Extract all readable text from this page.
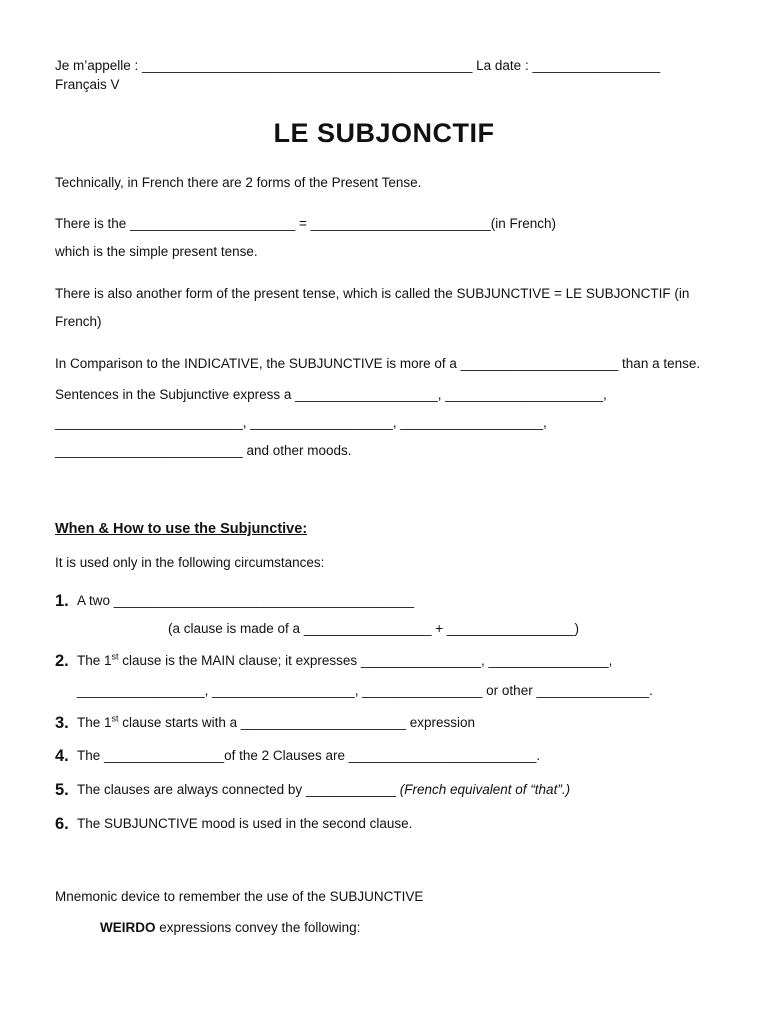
Je m’appelle : ____________________________________________ La date : _________________
Français V
LE SUBJONCTIF
Technically, in French there are 2 forms of the Present Tense.
There is the ______________________ = ________________________(in French)
which is the simple present tense.
There is also another form of the present tense, which is called the SUBJUNCTIVE = LE SUBJONCTIF (in
French)
In Comparison to the INDICATIVE, the SUBJUNCTIVE is more of a _____________________ than a tense.
Sentences in the Subjunctive express a ___________________, _____________________,
_________________________, ___________________, ___________________,
_________________________ and other moods.
When & How to use the Subjunctive:
It is used only in the following circumstances:
1. A two ________________________________________
(a clause is made of a _________________ + _________________)
2. The 1st clause is the MAIN clause; it expresses ________________, ________________,
_________________, ___________________, ________________ or other _______________.
3. The 1st clause starts with a ______________________ expression
4. The ________________of the 2 Clauses are _________________________.
5. The clauses are always connected by ____________ (French equivalent of “that”.)
6. The SUBJUNCTIVE mood is used in the second clause.
Mnemonic device to remember the use of the SUBJUNCTIVE
WEIRDO expressions convey the following:
